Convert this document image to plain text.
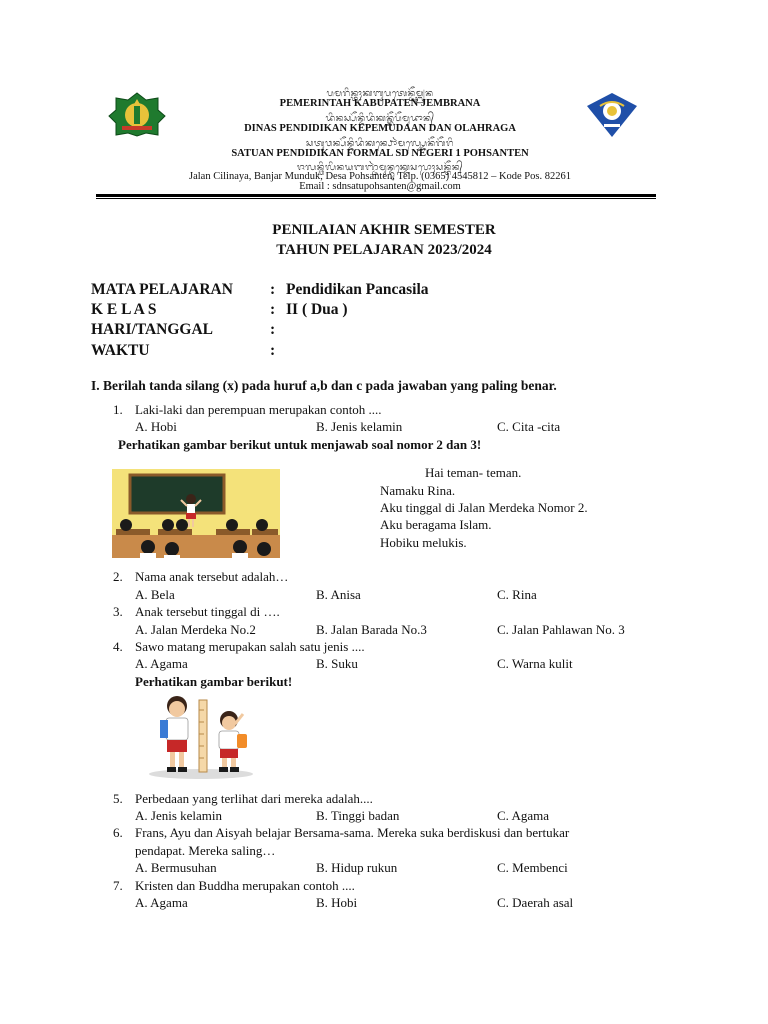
ᬧᬫᬭᬶᬦ᭄ᬢᬄᬓᬩᬸᬧᬢᬾᬦ᭄ᬚᭂᬫ᭄ᬩ᭄ᬭᬦ
PEMERINTAH KABUPATEN JEMBRANA
ᬤᬶᬦᬲ᭄ᬧᭂᬦ᭄ᬤᬶᬤᬶᬓᬦ᭄ᬓᭂᬧᭂᬫᬸᬤᬵᬦ᭄
DINAS PENDIDIKAN KEPEMUDAAN DAN OLAHRAGA
ᬲᬢᬸᬯᬦ᭄ᬧᭂᬦ᭄ᬤᬶᬤᬶᬓᬦ᭄ᬨᭀᬃᬫᬮ᭄ᬲ᭄ᬤᬾᬦᭂᬕᭂᬭᬶ
SATUAN PENDIDIKAN FORMAL SD NEGERI 1 POHSANTEN
ᬚᬮᬦ᭄ᬘᬶᬮᬶᬦᬬᬩᬜ᭄ᬚᬃᬫᬸᬦ᭄ᬤᬸᬓ᭄ᬤᬾᬲᬧᭀᬄᬲᬦ᭄ᬢᭂᬦ᭄
Jalan Cilinaya, Banjar Munduk, Desa Pohsanten, Telp. (0365) 4545812 – Kode Pos. 82261
Email : sdnsatupohsanten@gmail.com
PENILAIAN AKHIR SEMESTER
TAHUN PELAJARAN 2023/2024
MATA PELAJARAN : Pendidikan Pancasila
K E L A S	: II ( Dua )
HARI/TANGGAL	:
WAKTU	:
I. Berilah tanda silang (x) pada huruf a,b dan c pada jawaban yang paling benar.
1. Laki-laki dan perempuan merupakan contoh ....
A. Hobi	B. Jenis kelamin	C. Cita -cita
Perhatikan gambar berikut untuk menjawab soal nomor 2 dan 3!
Hai teman- teman.
Namaku Rina.
Aku tinggal di Jalan Merdeka Nomor 2.
Aku beragama Islam.
Hobiku melukis.
2. Nama anak tersebut adalah…
A. Bela	B. Anisa	C. Rina
3. Anak tersebut tinggal di ….
A. Jalan Merdeka No.2	B. Jalan Barada No.3	C. Jalan Pahlawan No. 3
4. Sawo matang merupakan salah satu jenis ....
A. Agama	B. Suku	C. Warna kulit
Perhatikan gambar berikut!
5. Perbedaan yang terlihat dari mereka adalah....
A. Jenis kelamin	B. Tinggi badan	C. Agama
6. Frans, Ayu dan Aisyah belajar Bersama-sama. Mereka suka berdiskusi dan bertukar
pendapat. Mereka saling…
A. Bermusuhan	B. Hidup rukun	C. Membenci
7. Kristen dan Buddha merupakan contoh ....
A. Agama	B. Hobi	C. Daerah asal
